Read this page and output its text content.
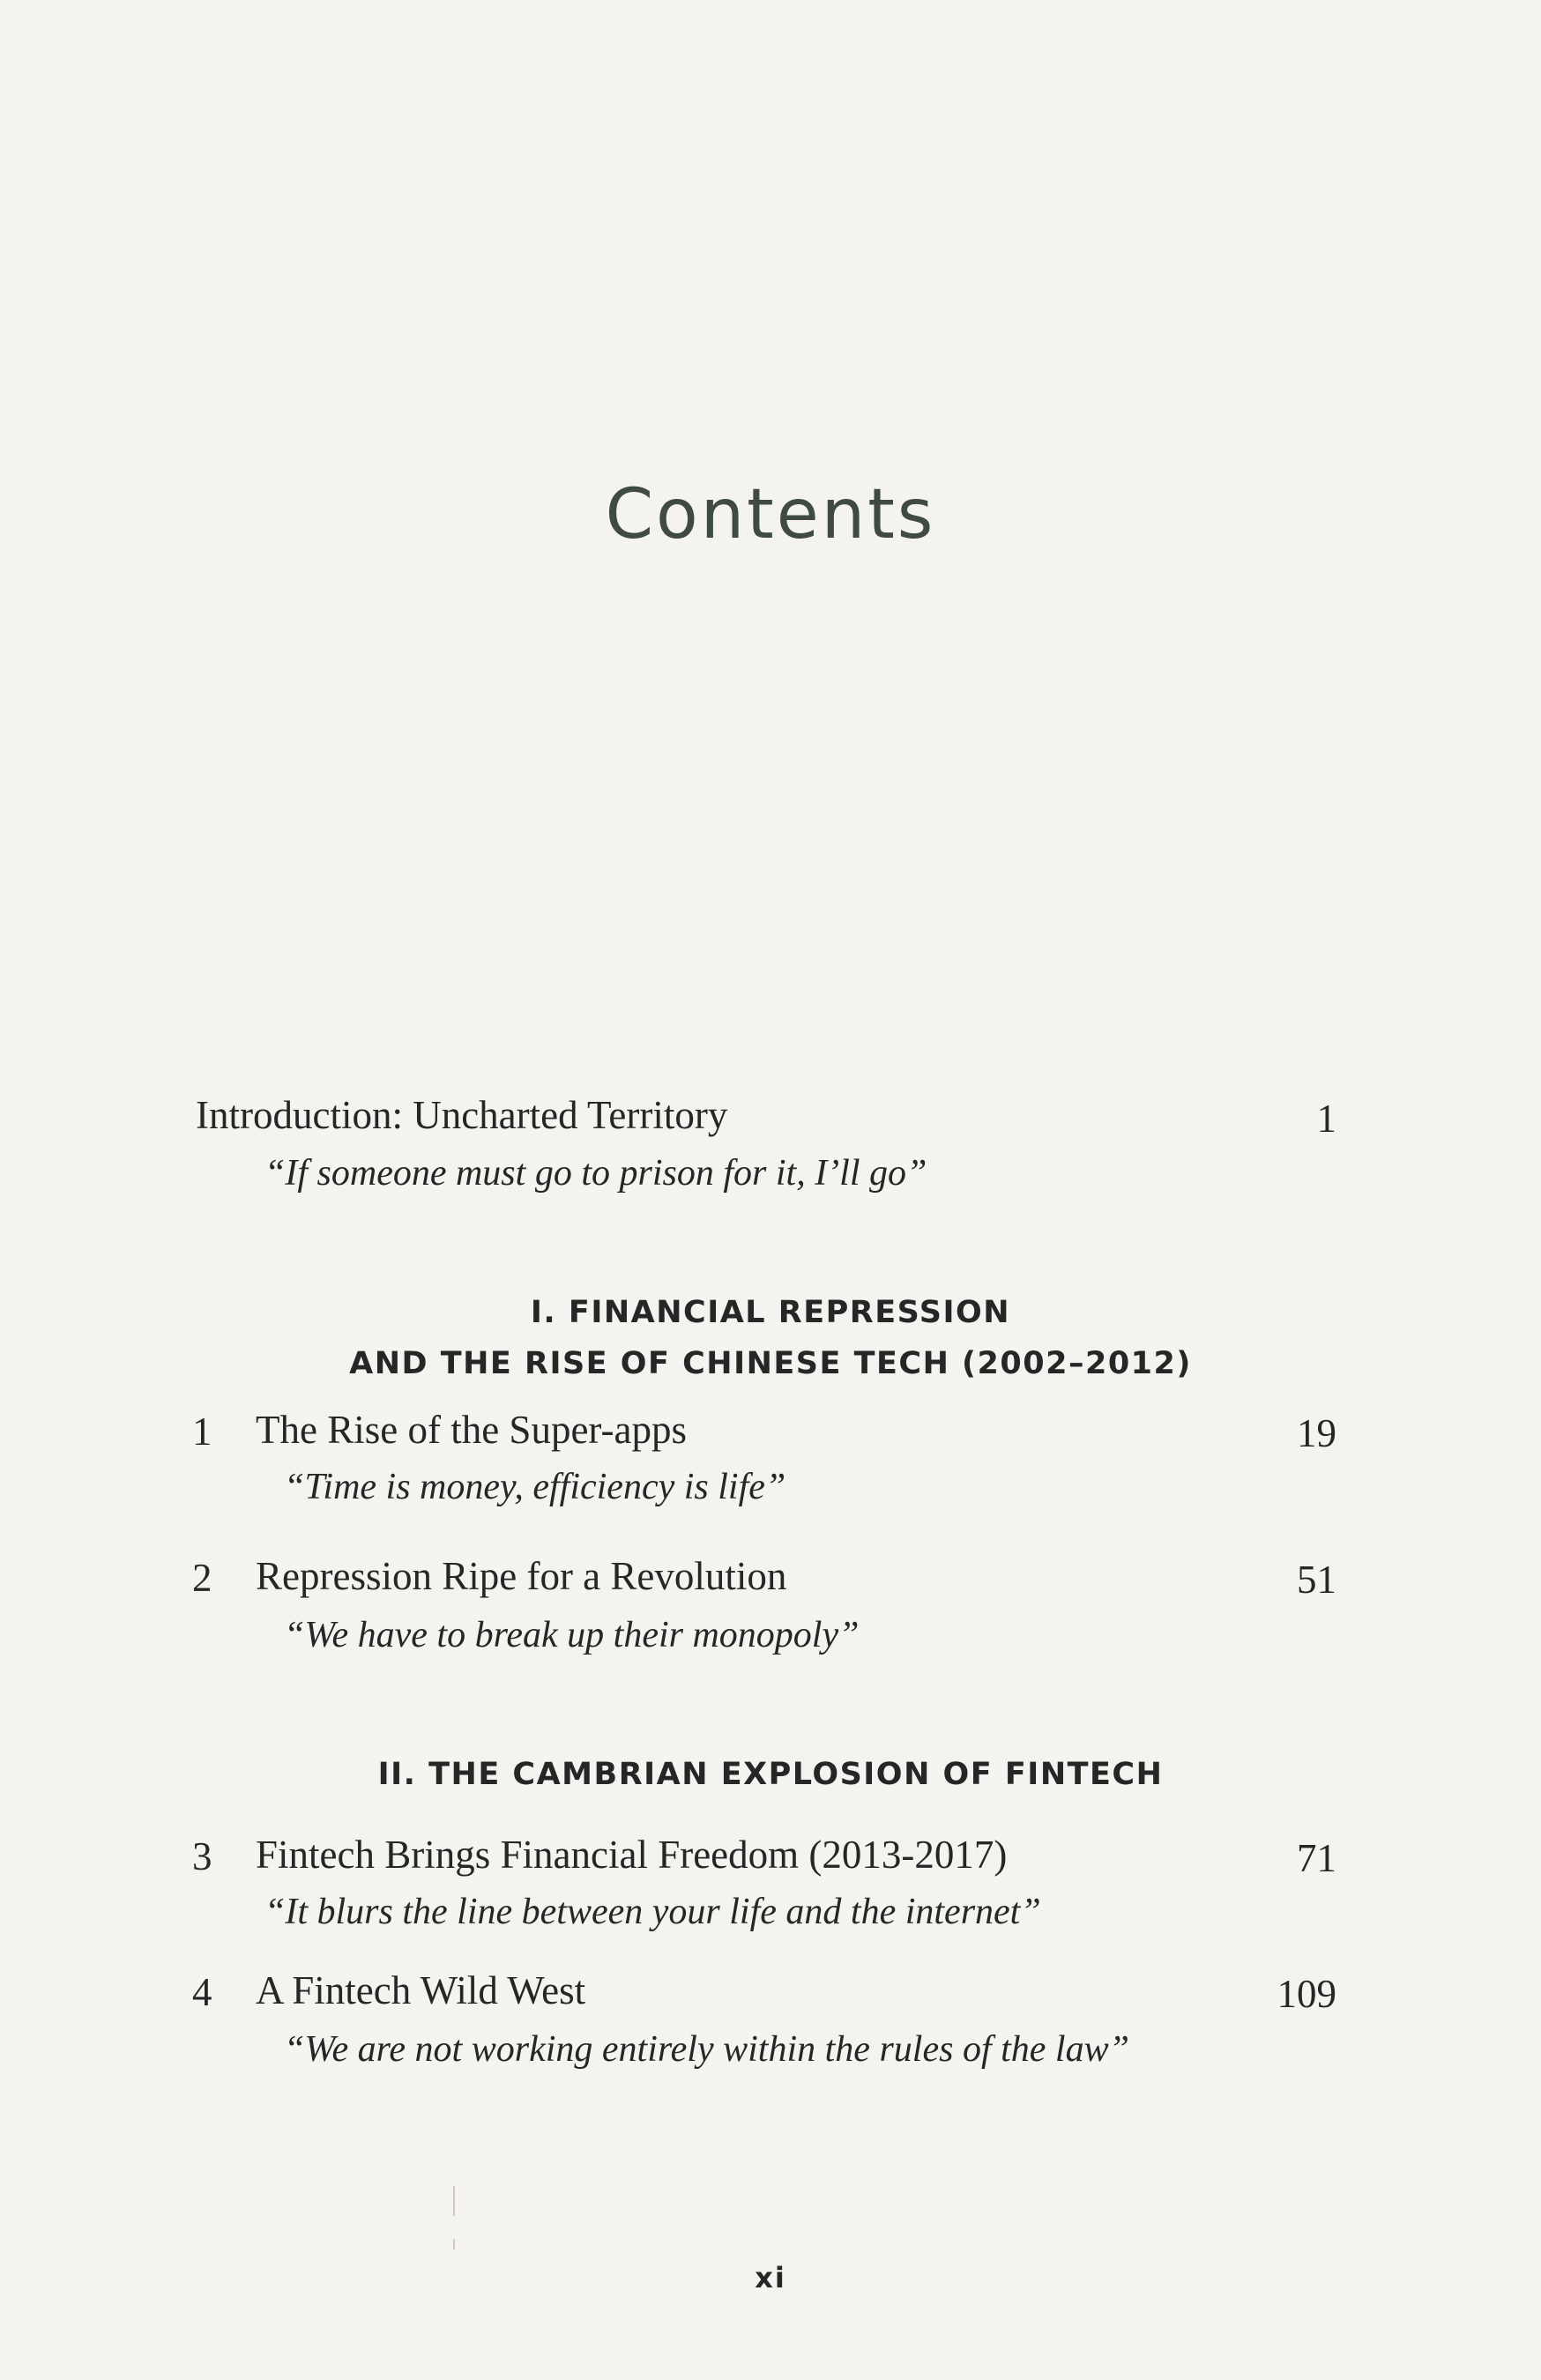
Contents
Introduction: Uncharted Territory	1
“If someone must go to prison for it, I’ll go”
I. FINANCIAL REPRESSION
AND THE RISE OF CHINESE TECH (2002–2012)
1	The Rise of the Super-apps	19
“Time is money, efficiency is life”
2	Repression Ripe for a Revolution	51
“We have to break up their monopoly”
II. THE CAMBRIAN EXPLOSION OF FINTECH
3	Fintech Brings Financial Freedom (2013-2017)	71
“It blurs the line between your life and the internet”
4	A Fintech Wild West	109
“We are not working entirely within the rules of the law”
xi
